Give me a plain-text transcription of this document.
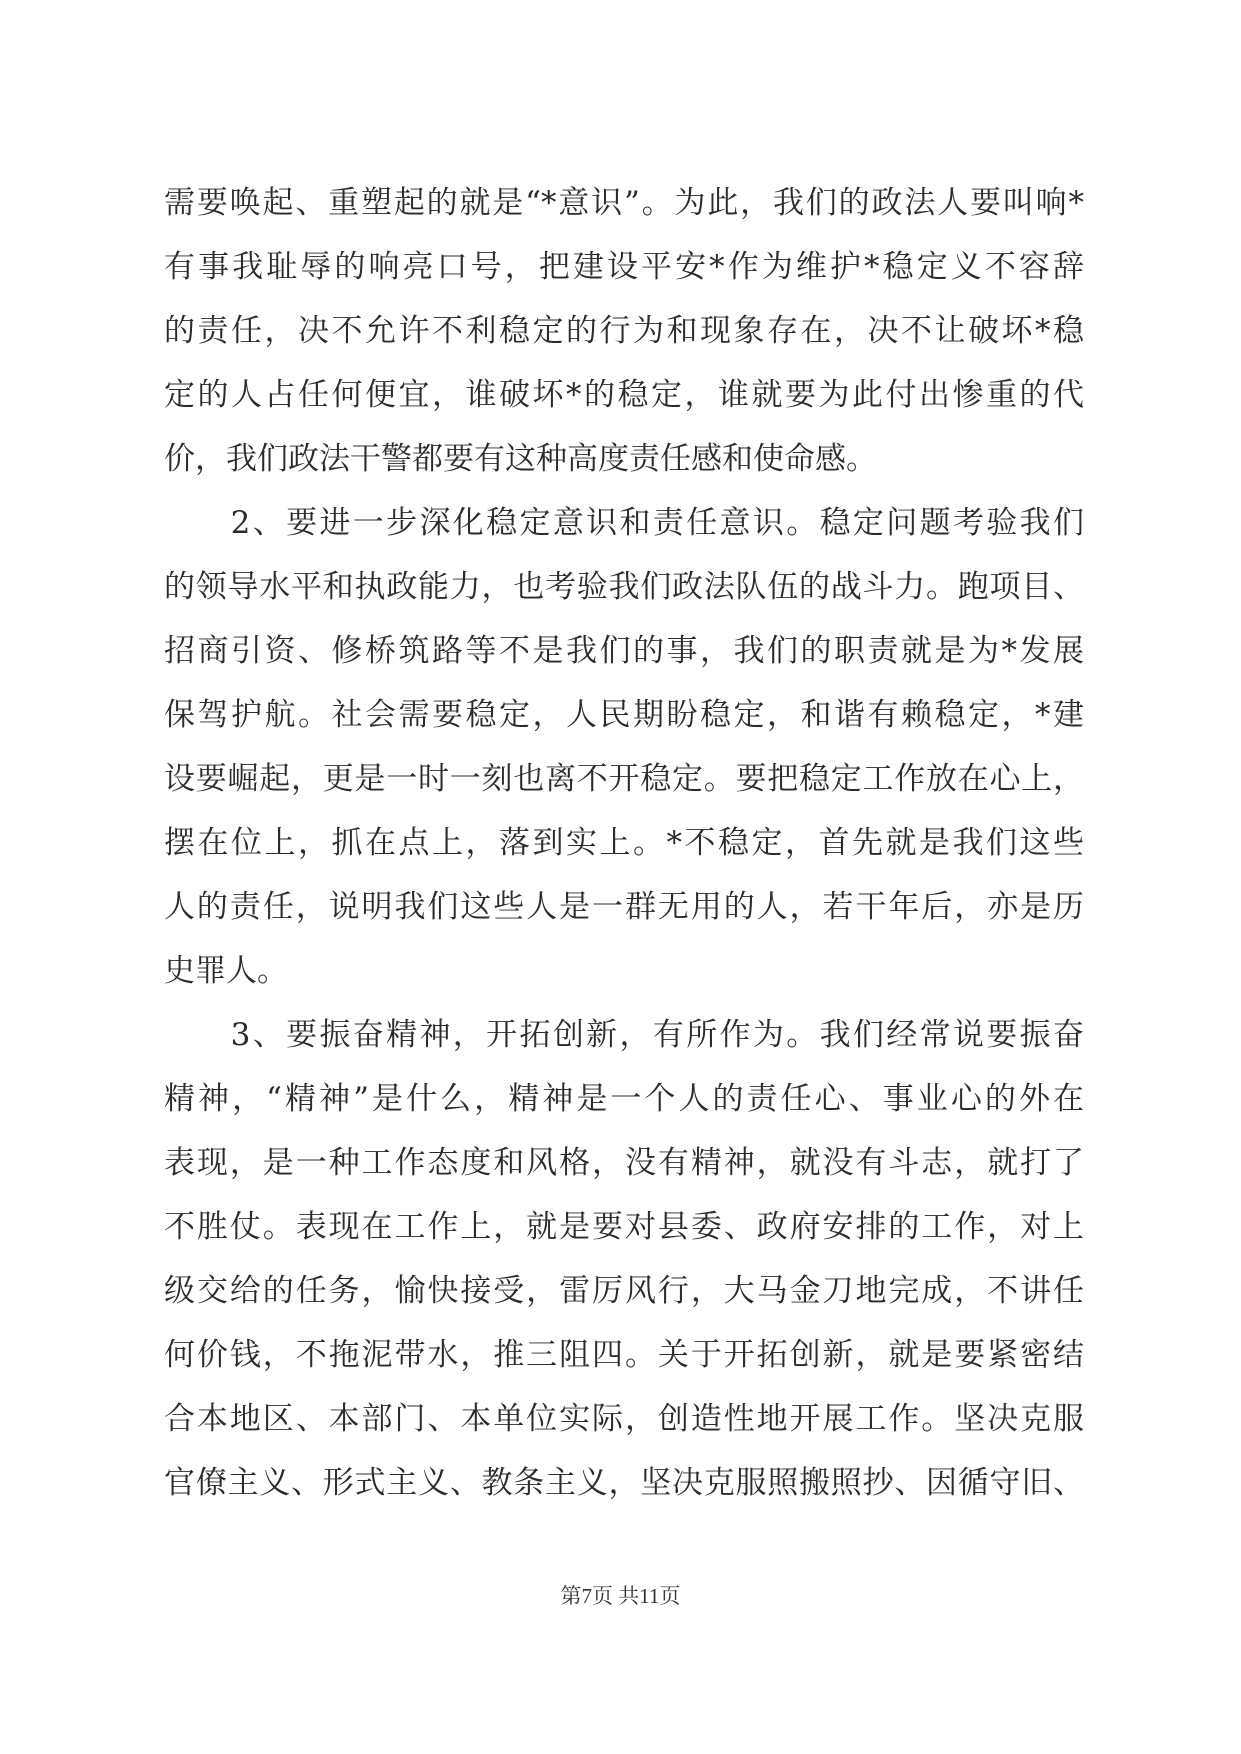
需要唤起、重塑起的就是“*意识”。为此，我们的政法人要叫响*
有事我耻辱的响亮口号，把建设平安*作为维护*稳定义不容辞
的责任，决不允许不利稳定的行为和现象存在，决不让破坏*稳
定的人占任何便宜，谁破坏*的稳定，谁就要为此付出惨重的代
价，我们政法干警都要有这种高度责任感和使命感。
　　2、要进一步深化稳定意识和责任意识。稳定问题考验我们
的领导水平和执政能力，也考验我们政法队伍的战斗力。跑项目、
招商引资、修桥筑路等不是我们的事，我们的职责就是为*发展
保驾护航。社会需要稳定，人民期盼稳定，和谐有赖稳定，*建
设要崛起，更是一时一刻也离不开稳定。要把稳定工作放在心上，
摆在位上，抓在点上，落到实上。*不稳定，首先就是我们这些
人的责任，说明我们这些人是一群无用的人，若干年后，亦是历
史罪人。
　　3、要振奋精神，开拓创新，有所作为。我们经常说要振奋
精神，“精神”是什么，精神是一个人的责任心、事业心的外在
表现，是一种工作态度和风格，没有精神，就没有斗志，就打了
不胜仗。表现在工作上，就是要对县委、政府安排的工作，对上
级交给的任务，愉快接受，雷厉风行，大马金刀地完成，不讲任
何价钱，不拖泥带水，推三阻四。关于开拓创新，就是要紧密结
合本地区、本部门、本单位实际，创造性地开展工作。坚决克服
官僚主义、形式主义、教条主义，坚决克服照搬照抄、因循守旧、
第7页 共11页
